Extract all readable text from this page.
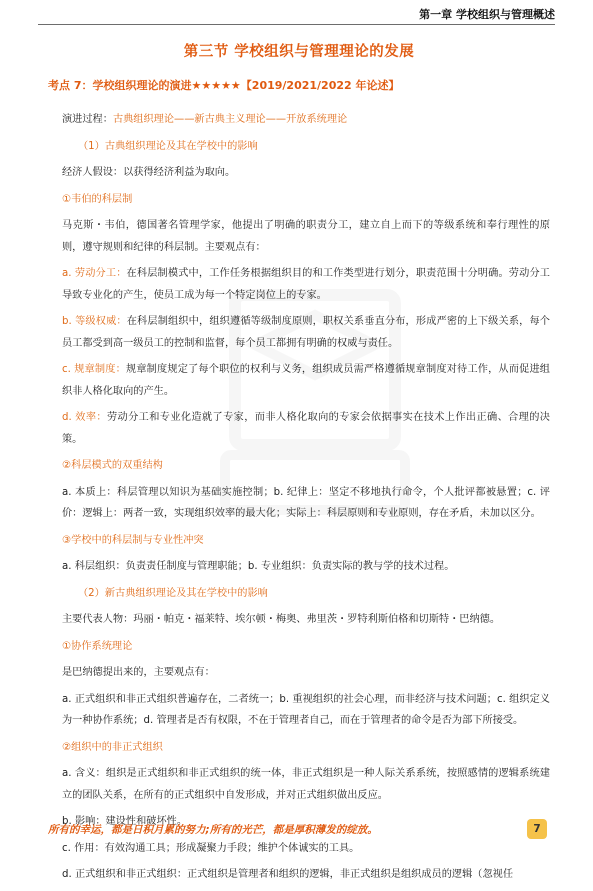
第一章 学校组织与管理概述
第三节 学校组织与管理理论的发展
考点 7：学校组织理论的演进★★★★★【2019/2021/2022 年论述】

演进过程：古典组织理论——新古典主义理论——开放系统理论

（1）古典组织理论及其在学校中的影响

经济人假设：以获得经济利益为取向。

①韦伯的科层制

马克斯・韦伯，德国著名管理学家，他提出了明确的职责分工，建立自上而下的等级系统和奉行理性的原则，遵守规则和纪律的科层制。主要观点有：

a. 劳动分工：在科层制模式中，工作任务根据组织目的和工作类型进行划分，职责范围十分明确。劳动分工导致专业化的产生，使员工成为每一个特定岗位上的专家。

b. 等级权威：在科层制组织中，组织遵循等级制度原则，职权关系垂直分布，形成严密的上下级关系，每个员工都受到高一级员工的控制和监督，每个员工都拥有明确的权威与责任。

c. 规章制度：规章制度规定了每个职位的权利与义务，组织成员需严格遵循规章制度对待工作，从而促进组织非人格化取向的产生。

d. 效率：劳动分工和专业化造就了专家，而非人格化取向的专家会依据事实在技术上作出正确、合理的决策。

②科层模式的双重结构

a. 本质上：科层管理以知识为基础实施控制；b. 纪律上：坚定不移地执行命令，个人批评都被悬置；c. 评价：逻辑上：两者一致，实现组织效率的最大化；实际上：科层原则和专业原则，存在矛盾，未加以区分。

③学校中的科层制与专业性冲突

a. 科层组织：负责责任制度与管理职能；b. 专业组织：负责实际的教与学的技术过程。

（2）新古典组织理论及其在学校中的影响

主要代表人物：玛丽・帕克・福莱特、埃尔顿・梅奥、弗里茨・罗特利斯伯格和切斯特・巴纳德。

①协作系统理论

是巴纳德提出来的，主要观点有：

a. 正式组织和非正式组织普遍存在，二者统一；b. 重视组织的社会心理，而非经济与技术问题；c. 组织定义为一种协作系统；d. 管理者是否有权限，不在于管理者自己，而在于管理者的命令是否为部下所接受。

②组织中的非正式组织

a. 含义：组织是正式组织和非正式组织的统一体，非正式组织是一种人际关系系统，按照感情的逻辑系统建立的团队关系，在所有的正式组织中自发形成，并对正式组织做出反应。

b. 影响：建设性和破坏性。

c. 作用：有效沟通工具；形成凝聚力手段；维护个体诚实的工具。

d. 正式组织和非正式组织：正式组织是管理者和组织的逻辑，非正式组织是组织成员的逻辑（忽视任

所有的幸运，都是日积月累的努力;所有的光芒，都是厚积薄发的绽放。	7
